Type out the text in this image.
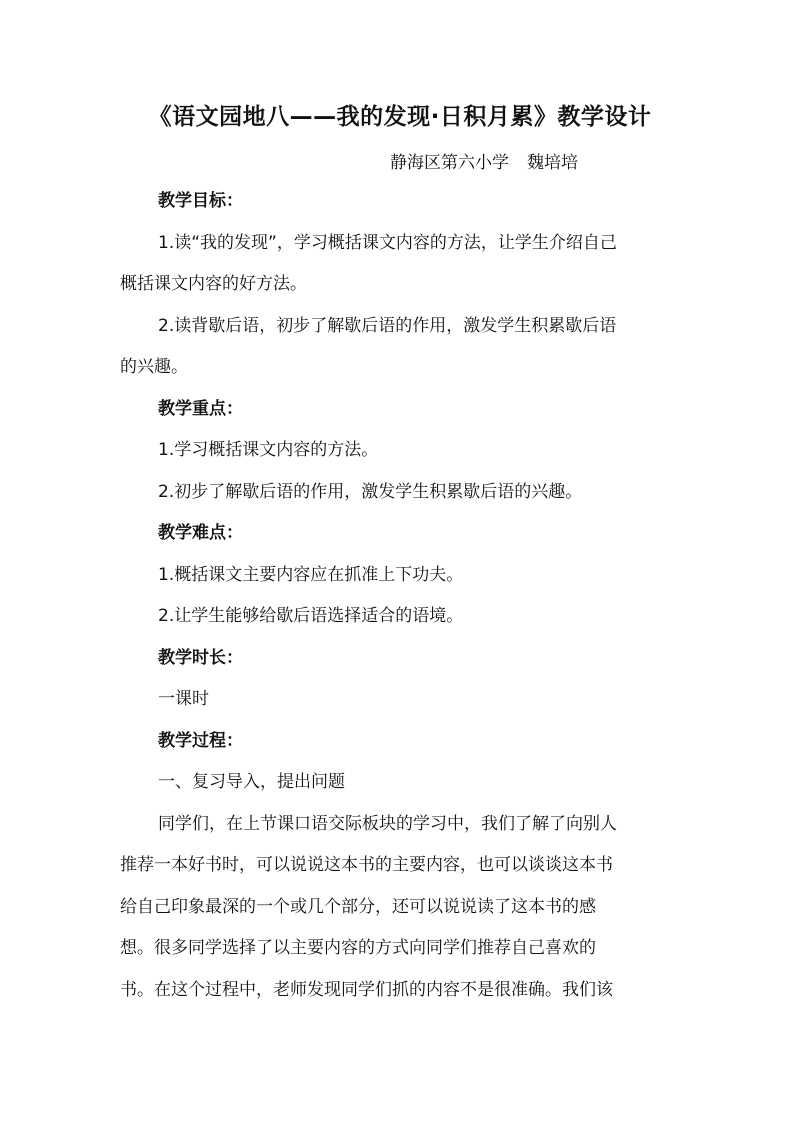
《语文园地八——我的发现·日积月累》教学设计
静海区第六小学 魏培培
教学目标：
1.读“我的发现”，学习概括课文内容的方法，让学生介绍自己
概括课文内容的好方法。
2.读背歇后语，初步了解歇后语的作用，激发学生积累歇后语
的兴趣。
教学重点：
1.学习概括课文内容的方法。
2.初步了解歇后语的作用，激发学生积累歇后语的兴趣。
教学难点：
1.概括课文主要内容应在抓准上下功夫。
2.让学生能够给歇后语选择适合的语境。
教学时长：
一课时
教学过程：
一、复习导入，提出问题
同学们，在上节课口语交际板块的学习中，我们了解了向别人
推荐一本好书时，可以说说这本书的主要内容，也可以谈谈这本书
给自己印象最深的一个或几个部分，还可以说说读了这本书的感
想。很多同学选择了以主要内容的方式向同学们推荐自己喜欢的
书。在这个过程中，老师发现同学们抓的内容不是很准确。我们该
